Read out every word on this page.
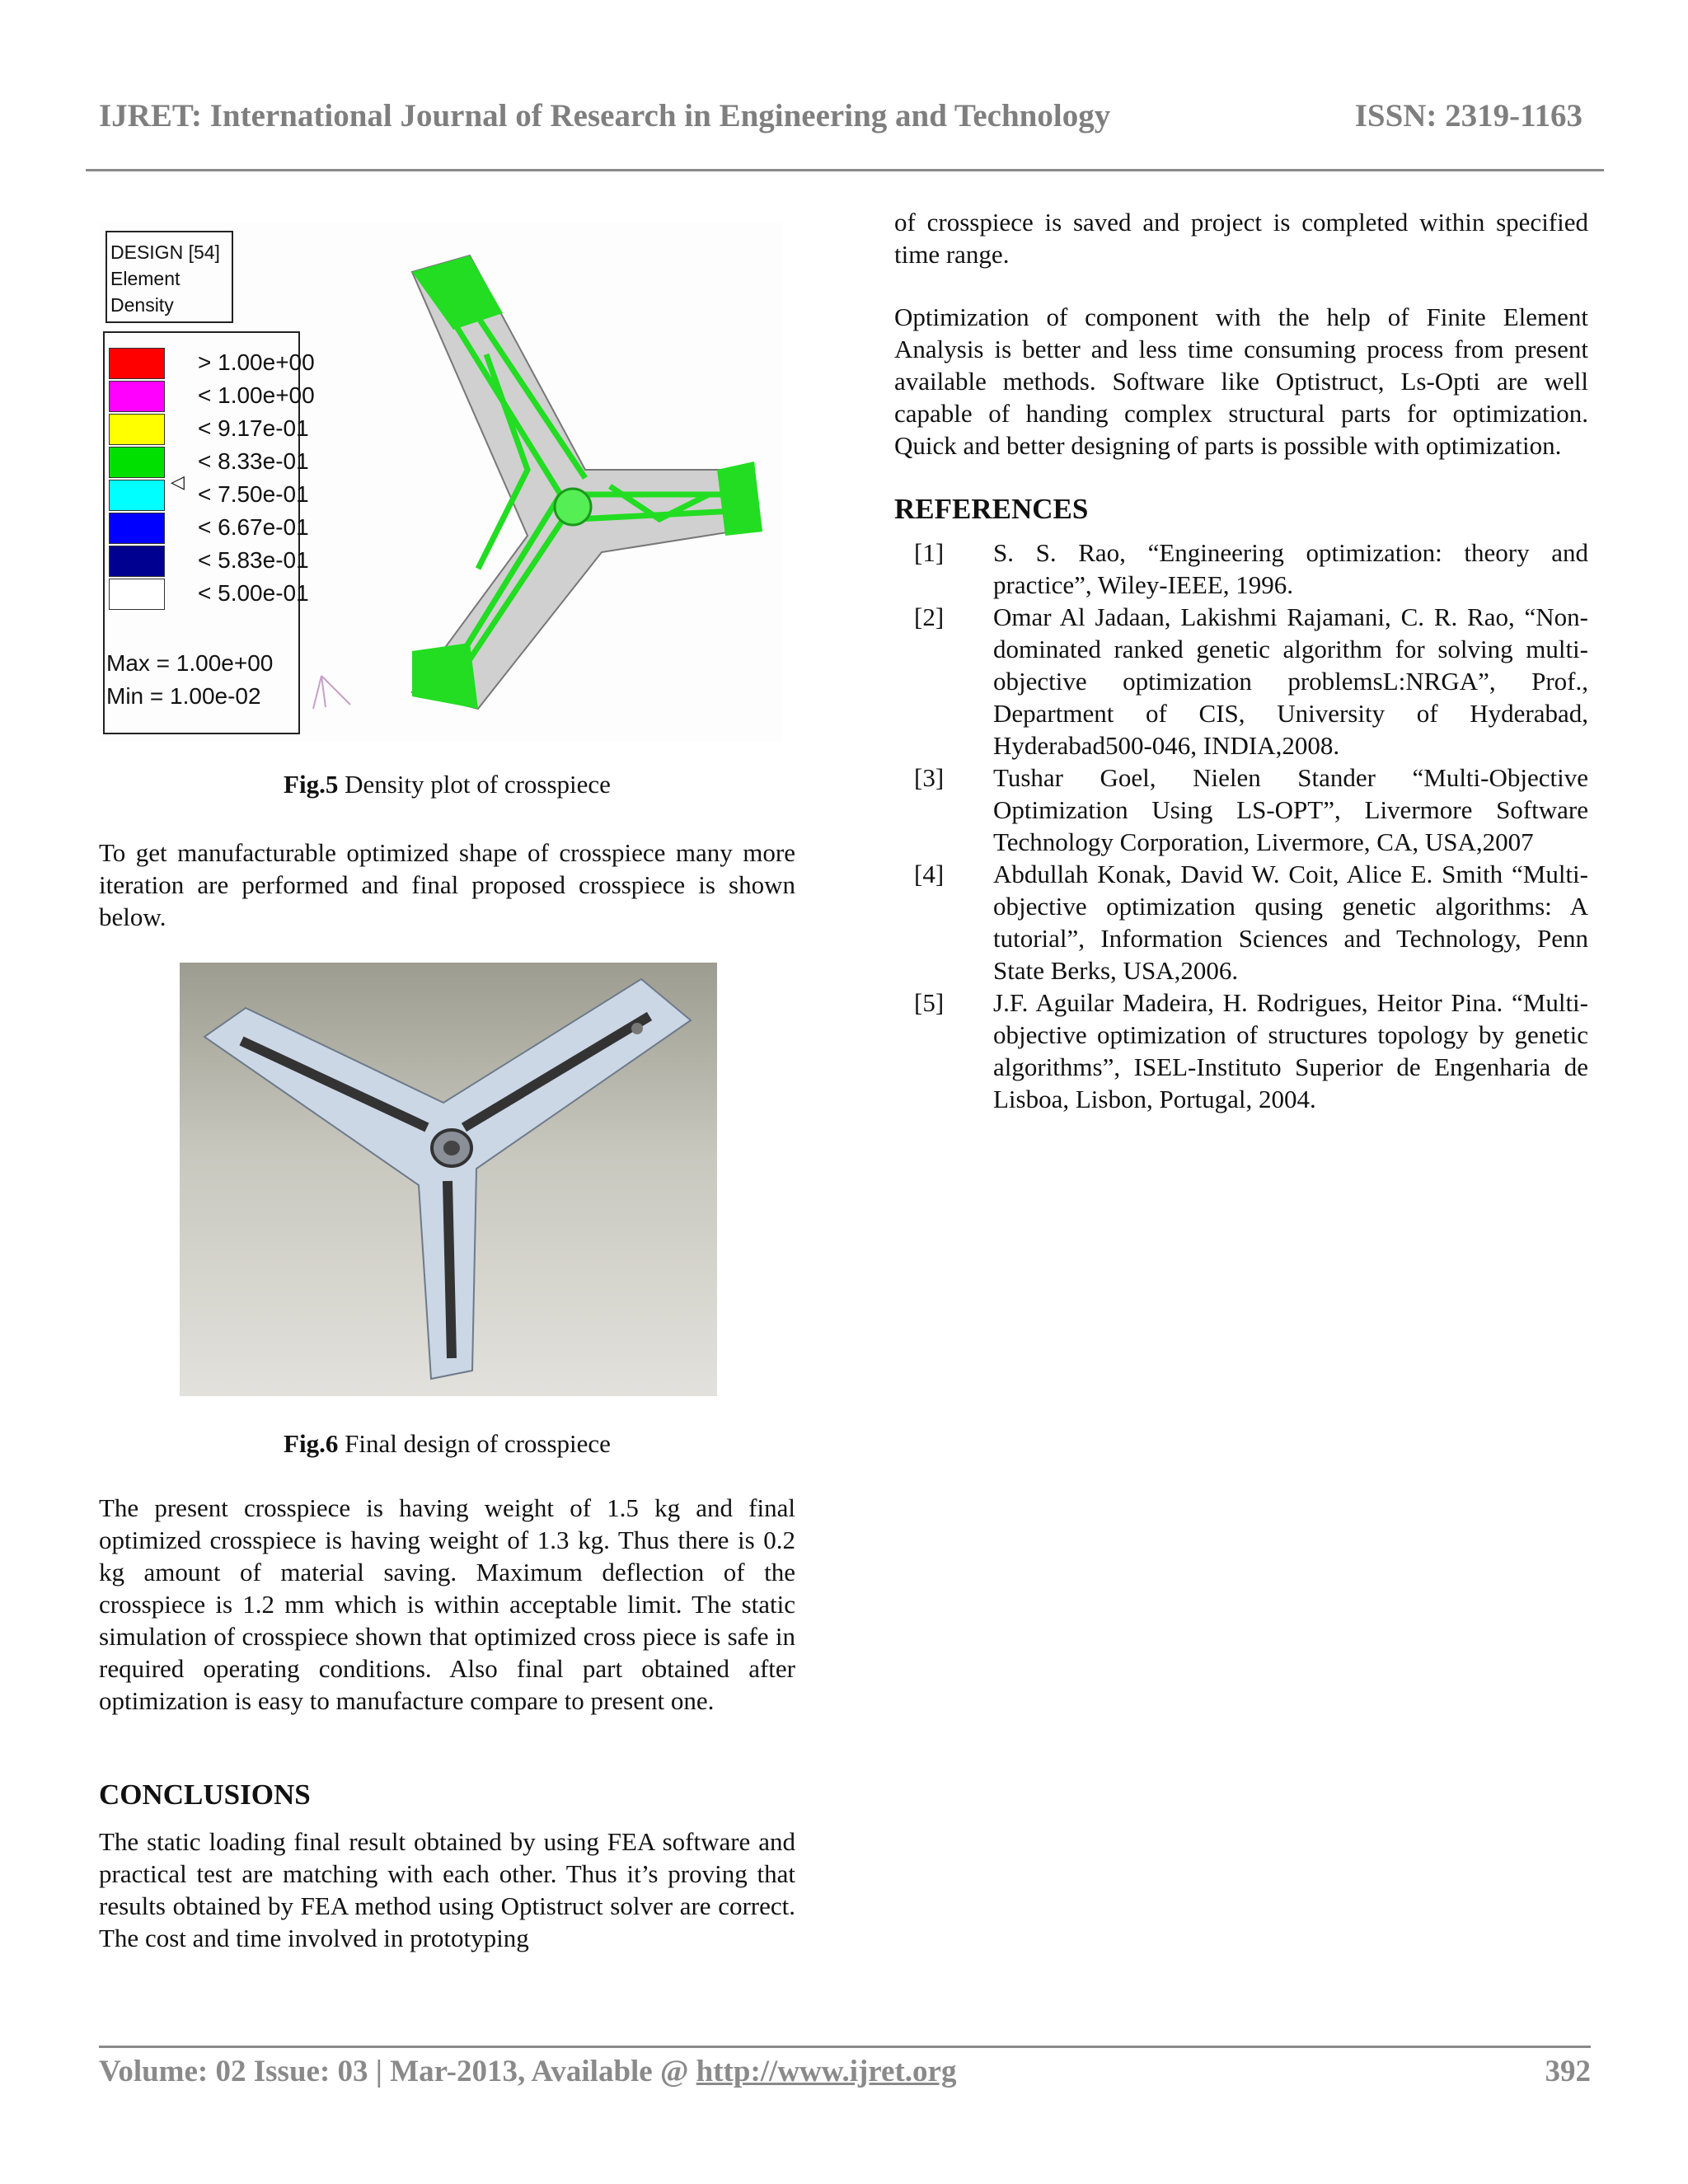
IJRET: International Journal of Research in Engineering and Technology	ISSN: 2319-1163
DESIGN [54]
Element Density
> 1.00e+00
< 1.00e+00
< 9.17e-01
< 8.33e-01
< 7.50e-01
< 6.67e-01
< 5.83e-01
< 5.00e-01
◁
Max = 1.00e+00
Min = 1.00e-02

Fig.5 Density plot of crosspiece

To get manufacturable optimized shape of crosspiece many more iteration are performed and final proposed crosspiece is shown below.

Fig.6 Final design of crosspiece

The present crosspiece is having weight of 1.5 kg and final optimized crosspiece is having weight of 1.3 kg. Thus there is 0.2 kg amount of material saving. Maximum deflection of the crosspiece is 1.2 mm which is within acceptable limit. The static simulation of crosspiece shown that optimized cross piece is safe in required operating conditions. Also final part obtained after optimization is easy to manufacture compare to present one.

CONCLUSIONS

The static loading final result obtained by using FEA software and practical test are matching with each other. Thus it’s proving that results obtained by FEA method using Optistruct solver are correct. The cost and time involved in prototyping

of crosspiece is saved and project is completed within specified time range.

Optimization of component with the help of Finite Element Analysis is better and less time consuming process from present available methods. Software like Optistruct, Ls-Opti are well capable of handing complex structural parts for optimization. Quick and better designing of parts is possible with optimization.

REFERENCES
[1] S. S. Rao, “Engineering optimization: theory and practice”, Wiley-IEEE, 1996.
[2] Omar Al Jadaan, Lakishmi Rajamani, C. R. Rao, “Non-dominated ranked genetic algorithm for solving multi-objective optimization problemsL:NRGA”, Prof., Department of CIS, University of Hyderabad, Hyderabad500-046, INDIA,2008.
[3] Tushar Goel, Nielen Stander “Multi-Objective Optimization Using LS-OPT”, Livermore Software Technology Corporation, Livermore, CA, USA,2007
[4] Abdullah Konak, David W. Coit, Alice E. Smith “Multi-objective optimization qusing genetic algorithms: A tutorial”, Information Sciences and Technology, Penn State Berks, USA,2006.
[5] J.F. Aguilar Madeira, H. Rodrigues, Heitor Pina. “Multi-objective optimization of structures topology by genetic algorithms”, ISEL-Instituto Superior de Engenharia de Lisboa, Lisbon, Portugal, 2004.
Volume: 02 Issue: 03 | Mar-2013, Available @ http://www.ijret.org	392
